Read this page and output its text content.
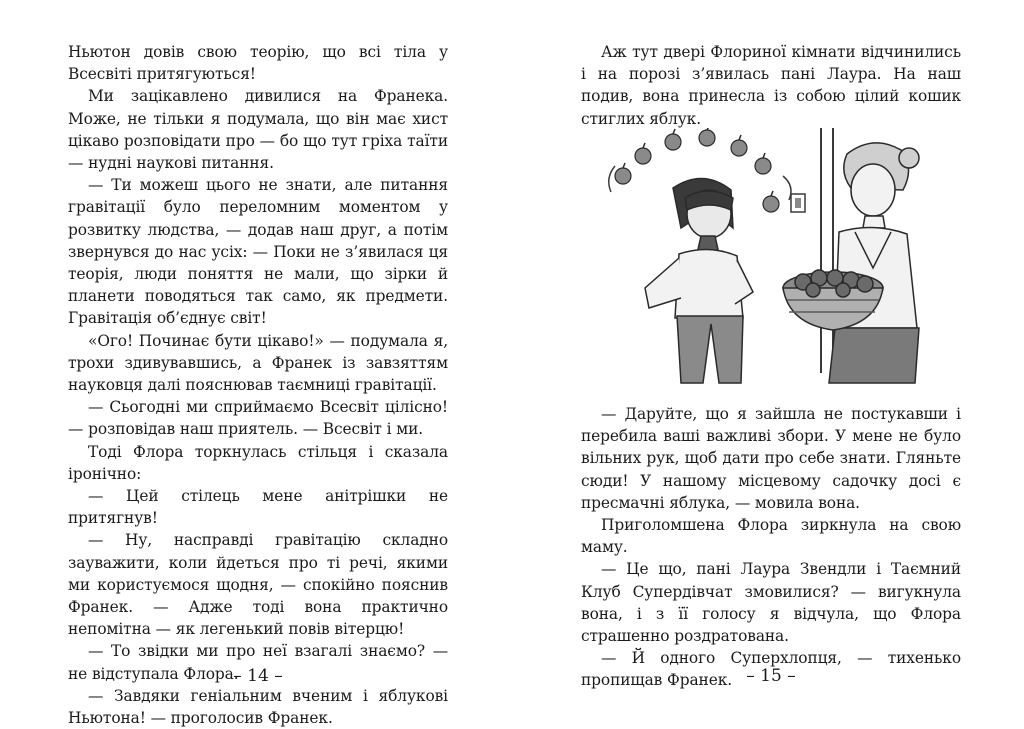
Ньютон довів свою теорію, що всі тіла у Всесвіті притягуються!

Ми зацікавлено дивилися на Франека. Може, не тільки я подумала, що він має хист цікаво розповідати про — бо що тут гріха таїти — нудні наукові питання.

— Ти можеш цього не знати, але питання гравітації було переломним моментом у розвитку людства, — додав наш друг, а потім звернувся до нас усіх: — Поки не з’явилася ця теорія, люди поняття не мали, що зірки й планети поводяться так само, як предмети. Гравітація об’єднує світ!

«Ого! Починає бути цікаво!» — подумала я, трохи здивувавшись, а Франек із завзяттям науковця далі пояснював таємниці гравітації.

— Сьогодні ми сприймаємо Всесвіт цілісно! — розповідав наш приятель. — Всесвіт і ми.

Тоді Флора торкнулась стільця і сказала іронічно:

— Цей стілець мене анітрішки не притягнув!

— Ну, насправді гравітацію складно зауважити, коли йдеться про ті речі, якими ми користуємося щодня, — спокійно пояснив Франек. — Адже тоді вона практично непомітна — як легенький повів вітерцю!

— То звідки ми про неї взагалі знаємо? — не відступала Флора.

— Завдяки геніальним вченим і яблукові Ньютона! — проголосив Франек.

– 14 –

Аж тут двері Флориної кімнати відчинились і на порозі з’явилась пані Лаура. На наш подив, вона принесла із собою цілий кошик стиглих яблук.

— Даруйте, що я зайшла не постукавши і перебила ваші важливі збори. У мене не було вільних рук, щоб дати про себе знати. Гляньте сюди! У нашому місцевому садочку досі є пресмачні яблука, — мовила вона.

Приголомшена Флора зиркнула на свою маму.

— Це що, пані Лаура Звендли і Таємний Клуб Супердівчат змовилися? — вигукнула вона, і з її голосу я відчула, що Флора страшенно роздратована.

— Й одного Суперхлопця, — тихенько пропищав Франек. – 15 –
